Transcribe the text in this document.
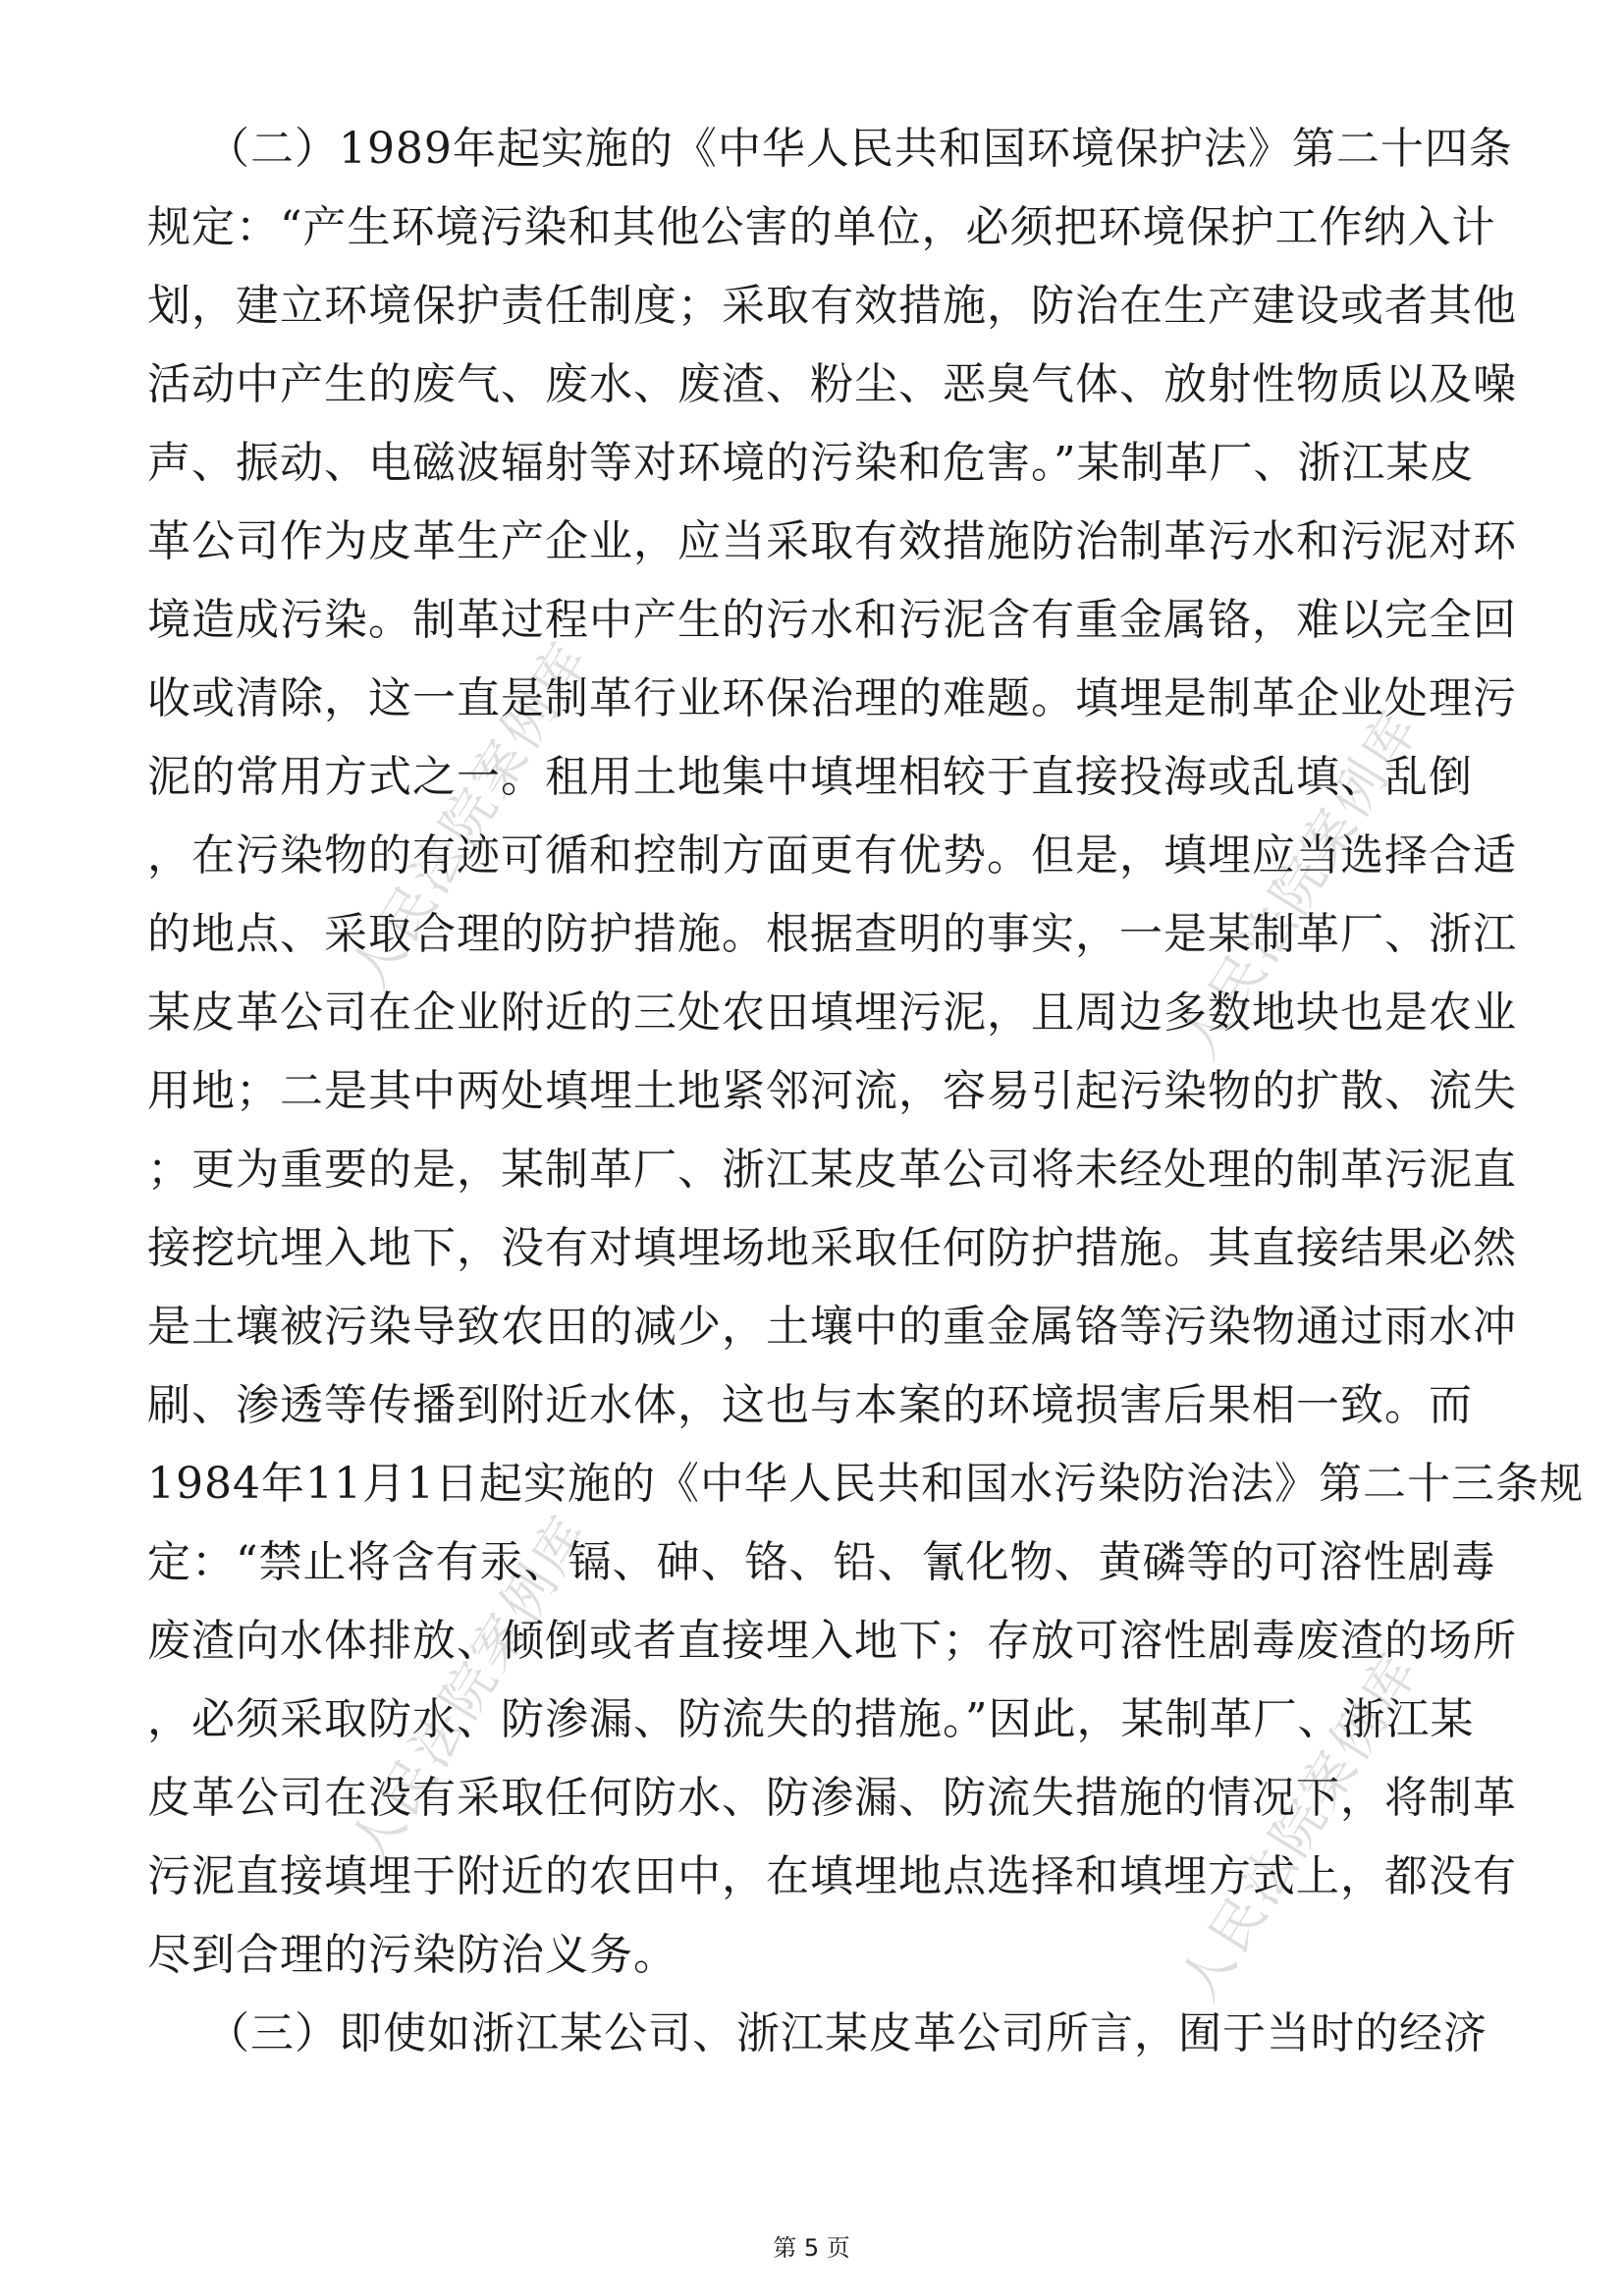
人民法院案例库	人民法院案例库
人民法院案例库	人民法院案例库
（二）1989年起实施的《中华人民共和国环境保护法》第二十四条
规定：“产生环境污染和其他公害的单位，必须把环境保护工作纳入计
划，建立环境保护责任制度；采取有效措施，防治在生产建设或者其他
活动中产生的废气、废水、废渣、粉尘、恶臭气体、放射性物质以及噪
声、振动、电磁波辐射等对环境的污染和危害。”某制革厂、浙江某皮
革公司作为皮革生产企业，应当采取有效措施防治制革污水和污泥对环
境造成污染。制革过程中产生的污水和污泥含有重金属铬，难以完全回
收或清除，这一直是制革行业环保治理的难题。填埋是制革企业处理污
泥的常用方式之一。租用土地集中填埋相较于直接投海或乱填、乱倒
，在污染物的有迹可循和控制方面更有优势。但是，填埋应当选择合适
的地点、采取合理的防护措施。根据查明的事实，一是某制革厂、浙江
某皮革公司在企业附近的三处农田填埋污泥，且周边多数地块也是农业
用地；二是其中两处填埋土地紧邻河流，容易引起污染物的扩散、流失
；更为重要的是，某制革厂、浙江某皮革公司将未经处理的制革污泥直
接挖坑埋入地下，没有对填埋场地采取任何防护措施。其直接结果必然
是土壤被污染导致农田的减少，土壤中的重金属铬等污染物通过雨水冲
刷、渗透等传播到附近水体，这也与本案的环境损害后果相一致。而
1984年11月1日起实施的《中华人民共和国水污染防治法》第二十三条规
定：“禁止将含有汞、镉、砷、铬、铅、氰化物、黄磷等的可溶性剧毒
废渣向水体排放、倾倒或者直接埋入地下；存放可溶性剧毒废渣的场所
，必须采取防水、防渗漏、防流失的措施。”因此，某制革厂、浙江某
皮革公司在没有采取任何防水、防渗漏、防流失措施的情况下，将制革
污泥直接填埋于附近的农田中，在填埋地点选择和填埋方式上，都没有
尽到合理的污染防治义务。
（三）即使如浙江某公司、浙江某皮革公司所言，囿于当时的经济
第 5 页
